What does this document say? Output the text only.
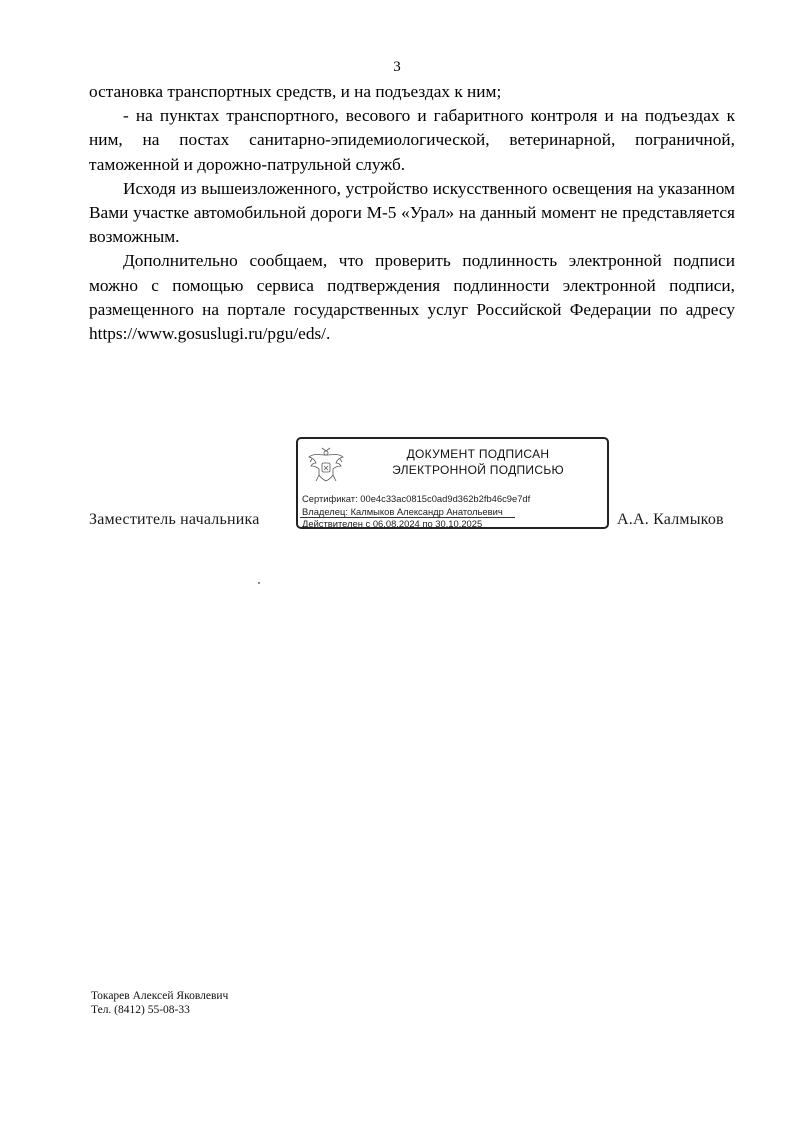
3

остановка транспортных средств, и на подъездах к ним;

- на пунктах транспортного, весового и габаритного контроля и на подъездах к ним, на постах санитарно-эпидемиологической, ветеринарной, пограничной, таможенной и дорожно-патрульной служб.

Исходя из вышеизложенного, устройство искусственного освещения на указанном Вами участке автомобильной дороги М-5 «Урал» на данный момент не представляется возможным.

Дополнительно сообщаем, что проверить подлинность электронной подписи можно с помощью сервиса подтверждения подлинности электронной подписи, размещенного на портале государственных услуг Российской Федерации по адресу https://www.gosuslugi.ru/pgu/eds/.

Заместитель начальника
ДОКУМЕНТ ПОДПИСАН
ЭЛЕКТРОННОЙ ПОДПИСЬЮ
Сертификат: 00e4c33ac0815c0ad9d362b2fb46c9e7df
Владелец: Калмыков Александр Анатольевич
Действителен с 06.08.2024 по 30.10.2025	А.А. Калмыков
Токарев Алексей Яковлевич
Тел. (8412) 55-08-33
